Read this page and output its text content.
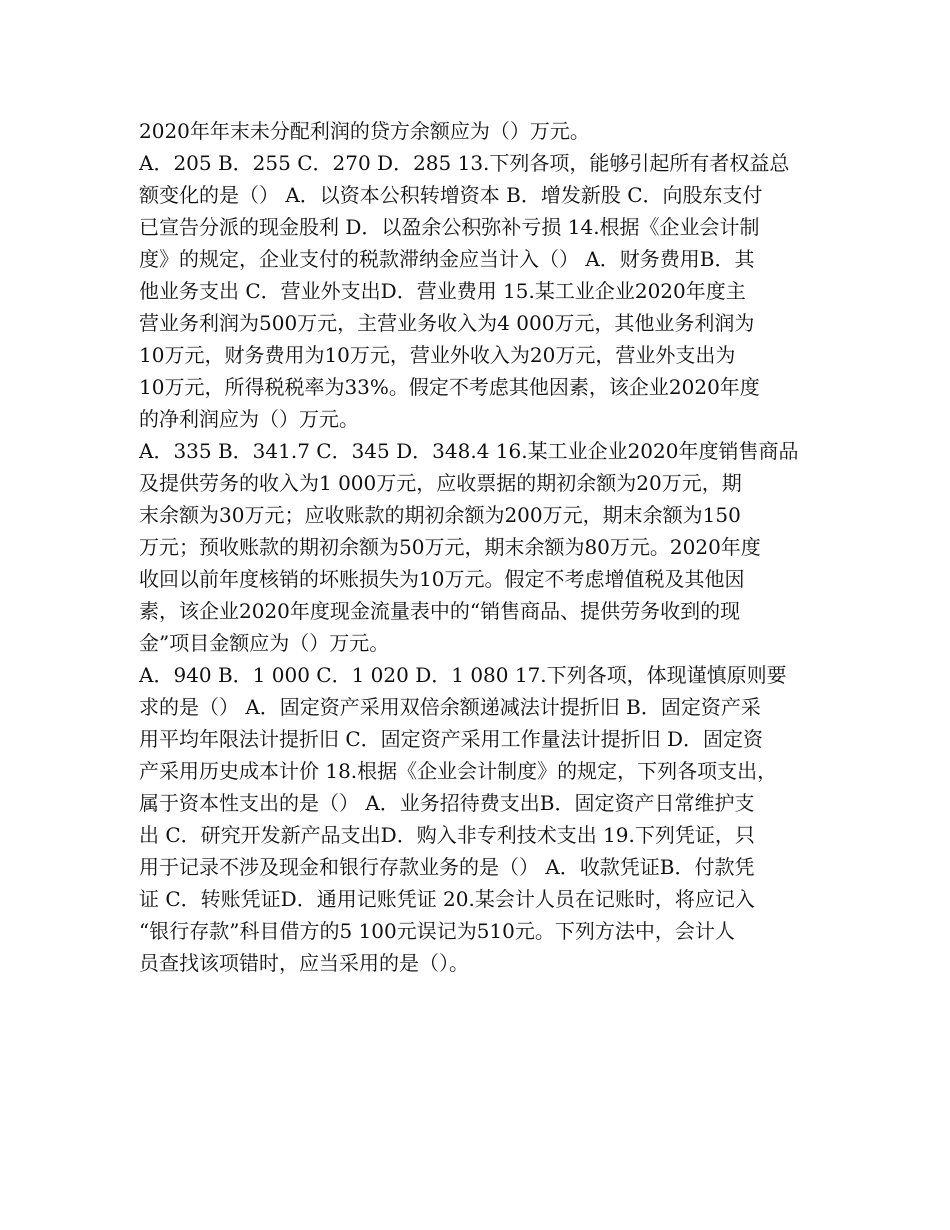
2020年年末未分配利润的贷方余额应为（）万元。
A．205 B．255 C．270 D．285 13.下列各项，能够引起所有者权益总
额变化的是（） A．以资本公积转增资本 B．增发新股 C．向股东支付
已宣告分派的现金股利 D．以盈余公积弥补亏损 14.根据《企业会计制
度》的规定，企业支付的税款滞纳金应当计入（） A．财务费用B．其
他业务支出 C．营业外支出D．营业费用 15.某工业企业2020年度主
营业务利润为500万元，主营业务收入为4 000万元，其他业务利润为
10万元，财务费用为10万元，营业外收入为20万元，营业外支出为
10万元，所得税税率为33%。假定不考虑其他因素，该企业2020年度
的净利润应为（）万元。
A．335 B．341.7 C．345 D．348.4 16.某工业企业2020年度销售商品
及提供劳务的收入为1 000万元，应收票据的期初余额为20万元，期
末余额为30万元；应收账款的期初余额为200万元，期末余额为150
万元；预收账款的期初余额为50万元，期末余额为80万元。2020年度
收回以前年度核销的坏账损失为10万元。假定不考虑增值税及其他因
素，该企业2020年度现金流量表中的“销售商品、提供劳务收到的现
金”项目金额应为（）万元。
A．940 B．1 000 C．1 020 D．1 080 17.下列各项，体现谨慎原则要
求的是（） A．固定资产采用双倍余额递减法计提折旧 B．固定资产采
用平均年限法计提折旧 C．固定资产采用工作量法计提折旧 D．固定资
产采用历史成本计价 18.根据《企业会计制度》的规定，下列各项支出，
属于资本性支出的是（） A．业务招待费支出B．固定资产日常维护支
出 C．研究开发新产品支出D．购入非专利技术支出 19.下列凭证，只
用于记录不涉及现金和银行存款业务的是（） A．收款凭证B．付款凭
证 C．转账凭证D．通用记账凭证 20.某会计人员在记账时，将应记入
“银行存款”科目借方的5 100元误记为510元。下列方法中，会计人
员查找该项错时，应当采用的是（）。
